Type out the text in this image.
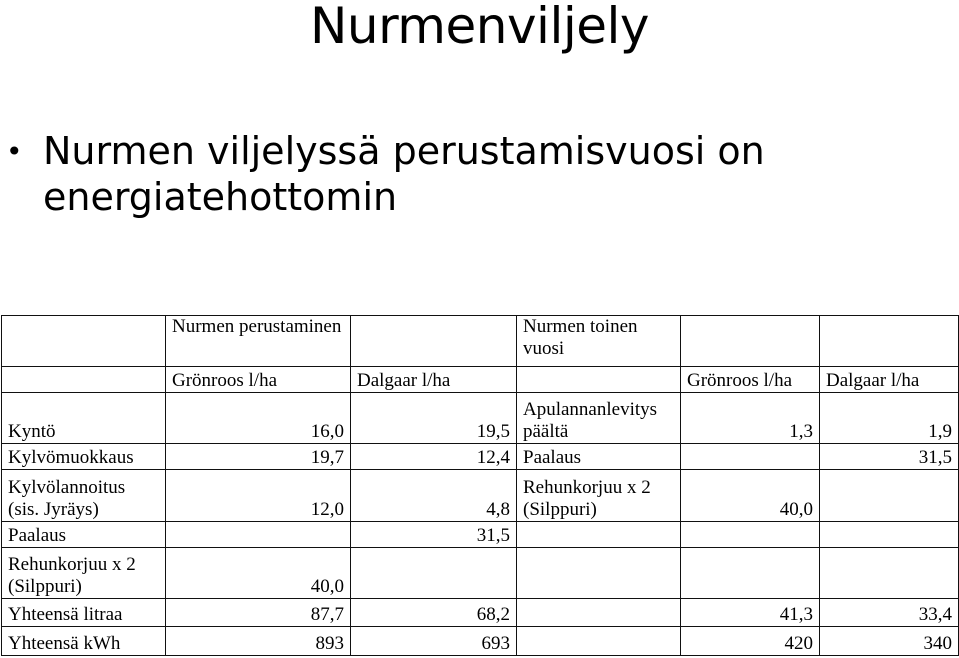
Nurmenviljely
• Nurmen viljelyssä perustamisvuosi on energiatehottomin
	Nurmen perustaminen		Nurmen toinen vuosi		
	Grönroos l/ha	Dalgaar l/ha		Grönroos l/ha	Dalgaar l/ha
Kyntö	16,0	19,5	Apulannanlevitys päältä	1,3	1,9
Kylvömuokkaus	19,7	12,4	Paalaus		31,5
Kylvölannoitus (sis. Jyräys)	12,0	4,8	Rehunkorjuu x 2 (Silppuri)	40,0	
Paalaus		31,5			
Rehunkorjuu x 2 (Silppuri)	40,0				
Yhteensä litraa	87,7	68,2		41,3	33,4
Yhteensä kWh	893	693		420	340
